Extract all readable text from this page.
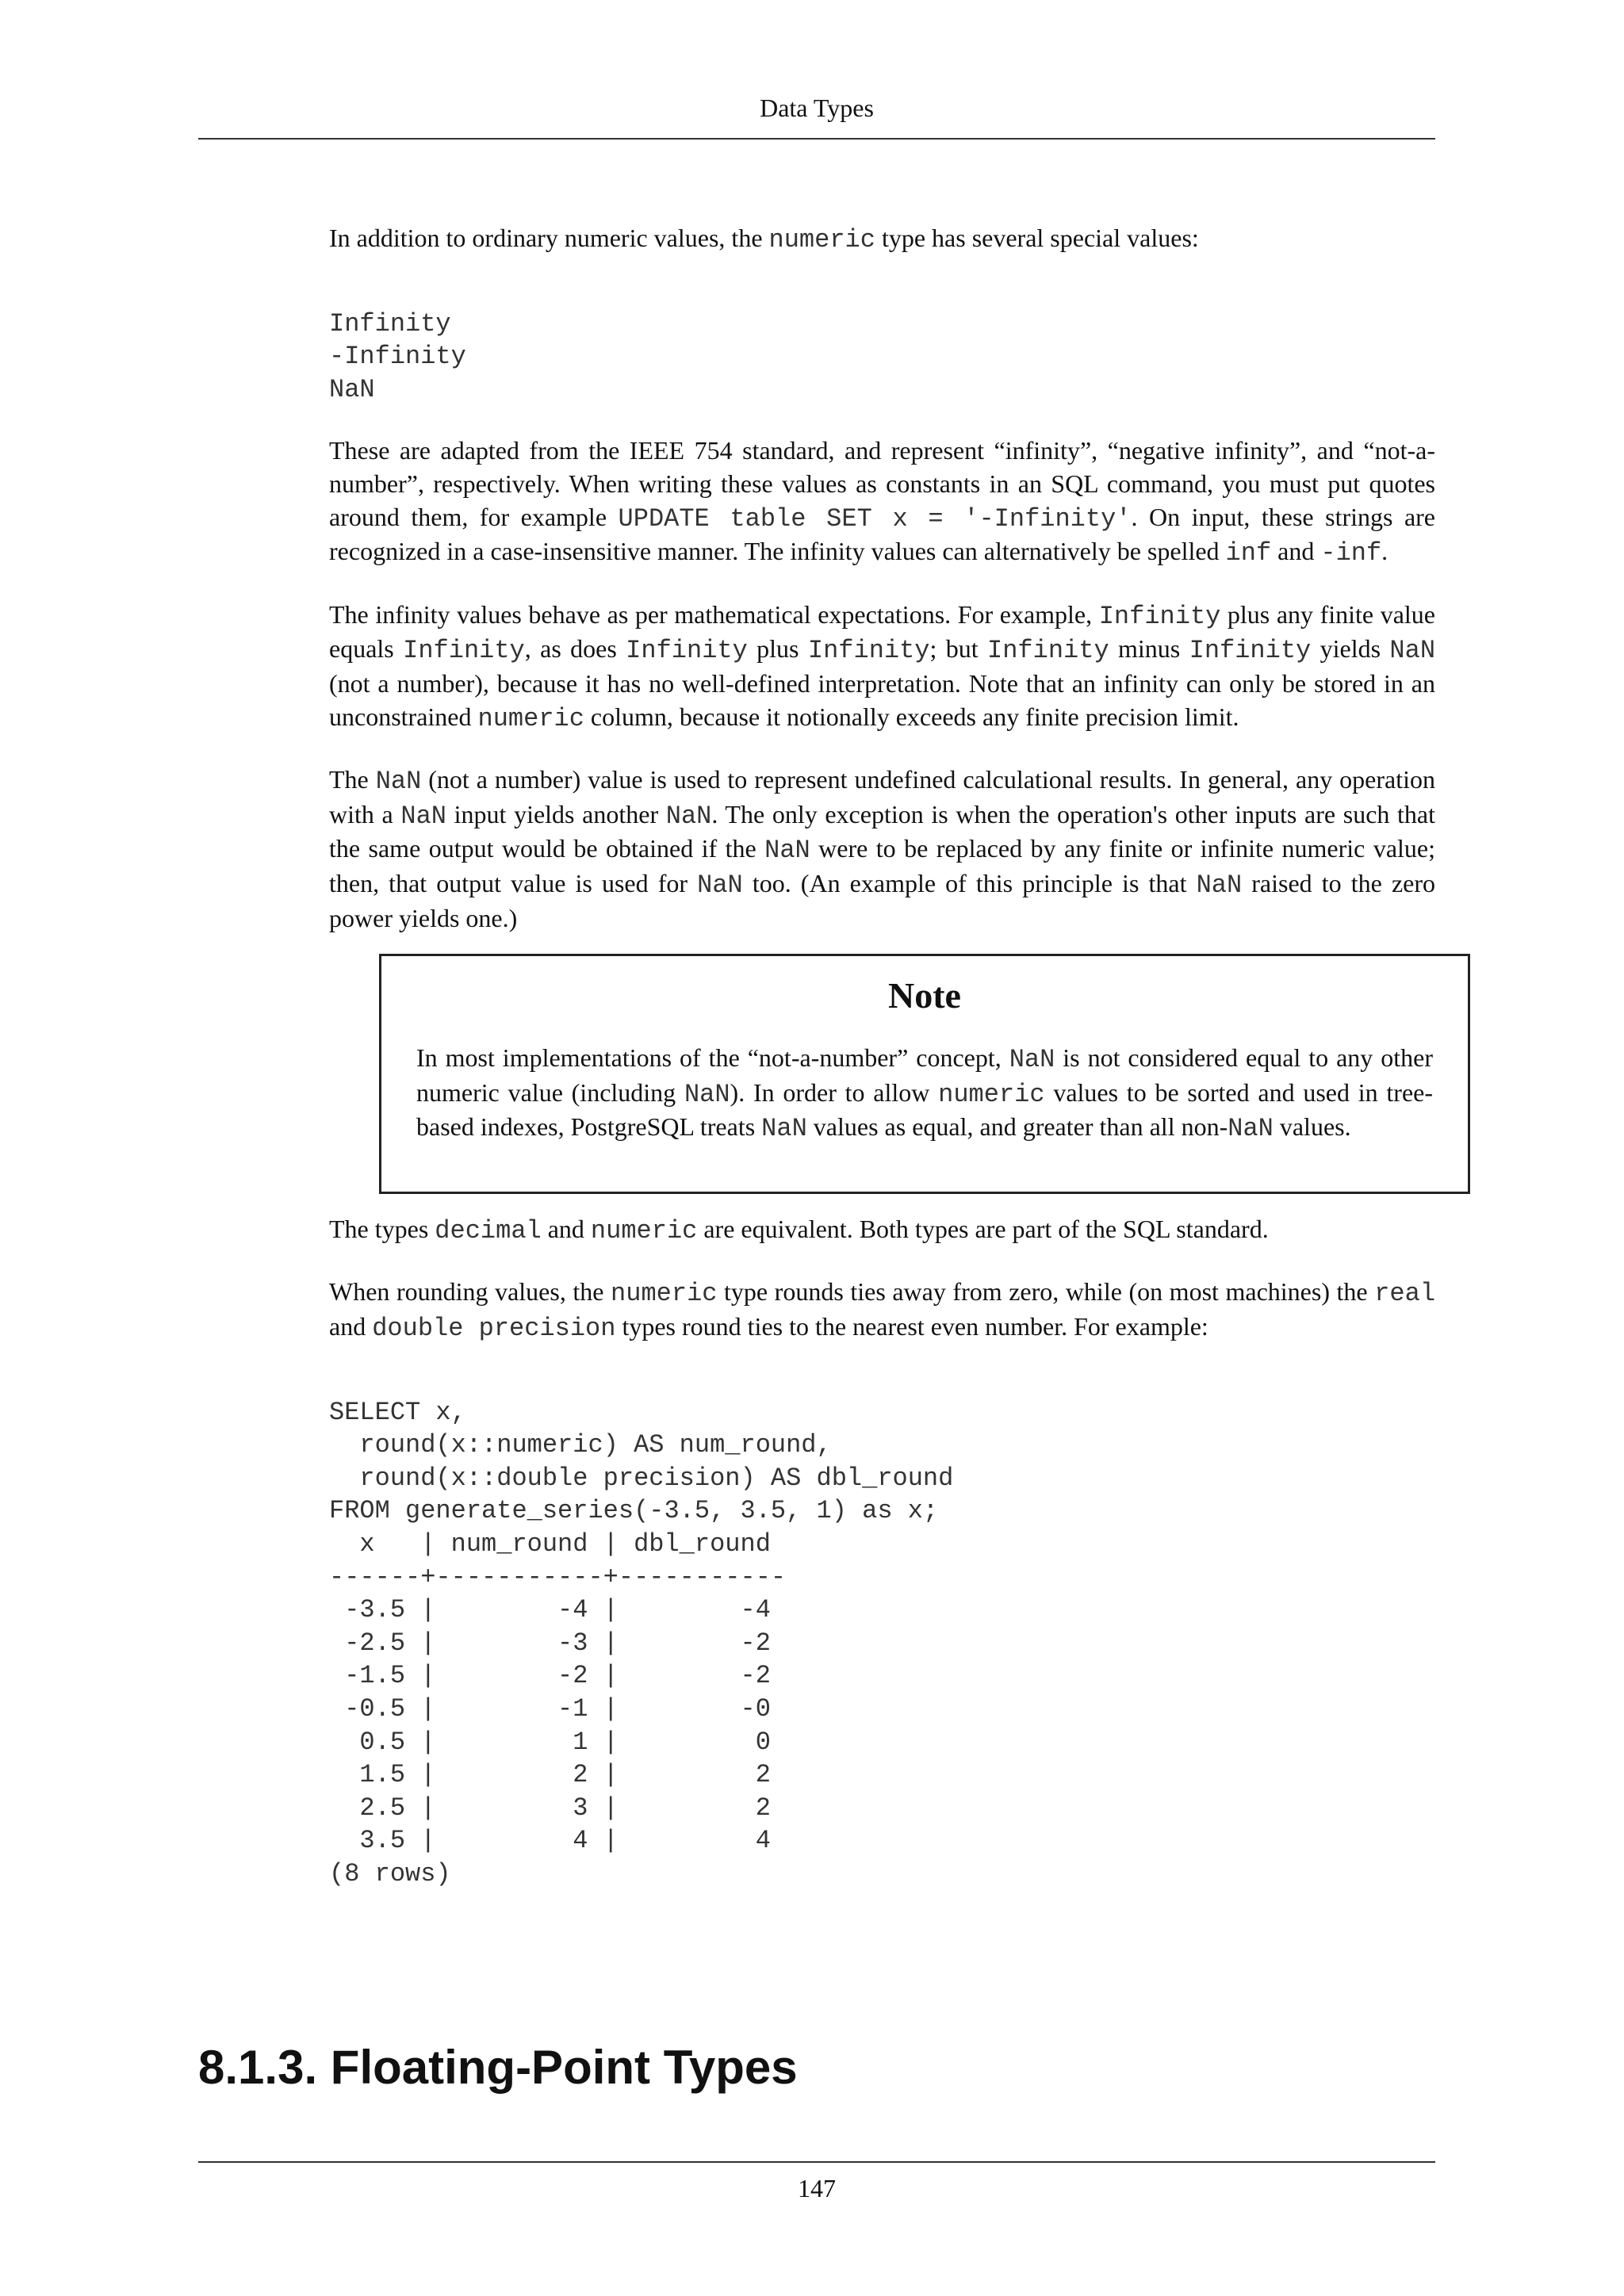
Data Types

In addition to ordinary numeric values, the numeric type has several special values:

Infinity
-Infinity
NaN

These are adapted from the IEEE 754 standard, and represent “infinity”, “negative infinity”, and “not-a-number”, respectively. When writing these values as constants in an SQL command, you must put quotes around them, for example UPDATE table SET x = '-Infinity'. On input, these strings are recognized in a case-insensitive manner. The infinity values can alternatively be spelled inf and -inf.

The infinity values behave as per mathematical expectations. For example, Infinity plus any finite value equals Infinity, as does Infinity plus Infinity; but Infinity minus Infinity yields NaN (not a number), because it has no well-defined interpretation. Note that an infinity can only be stored in an unconstrained numeric column, because it notionally exceeds any finite precision limit.

The NaN (not a number) value is used to represent undefined calculational results. In general, any operation with a NaN input yields another NaN. The only exception is when the operation's other inputs are such that the same output would be obtained if the NaN were to be replaced by any finite or infinite numeric value; then, that output value is used for NaN too. (An example of this principle is that NaN raised to the zero power yields one.)

Note

In most implementations of the “not-a-number” concept, NaN is not considered equal to any other numeric value (including NaN). In order to allow numeric values to be sorted and used in tree-based indexes, PostgreSQL treats NaN values as equal, and greater than all non-NaN values.

The types decimal and numeric are equivalent. Both types are part of the SQL standard.

When rounding values, the numeric type rounds ties away from zero, while (on most machines) the real and double precision types round ties to the nearest even number. For example:

SELECT x,
round(x::numeric) AS num_round,
round(x::double precision) AS dbl_round
FROM generate_series(-3.5, 3.5, 1) as x;
x   | num_round | dbl_round
------+-----------+-----------
-3.5 |        -4 |        -4
-2.5 |        -3 |        -2
-1.5 |        -2 |        -2
-0.5 |        -1 |        -0
0.5 |         1 |         0
1.5 |         2 |         2
2.5 |         3 |         2
3.5 |         4 |         4
(8 rows)
8.1.3. Floating-Point Types
147
